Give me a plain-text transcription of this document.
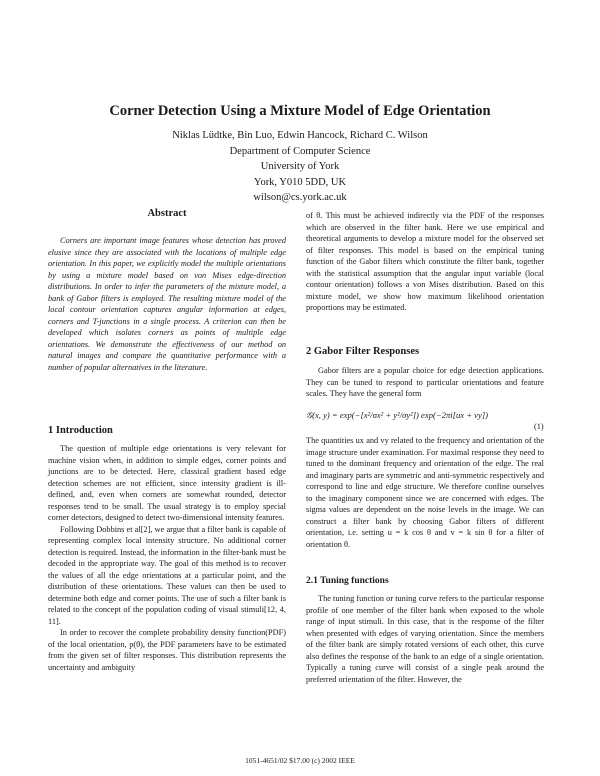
Corner Detection Using a Mixture Model of Edge Orientation
Niklas Lüdtke, Bin Luo, Edwin Hancock, Richard C. Wilson
Department of Computer Science
University of York
York, Y010 5DD, UK
wilson@cs.york.ac.uk
Abstract

Corners are important image features whose detection has proved elusive since they are associated with the locations of multiple edge orientation. In this paper, we explicitly model the multiple orientations by using a mixture model based on von Mises edge-direction distributions. In order to infer the parameters of the mixture model, a bank of Gabor filters is employed. The resulting mixture model of the local contour orientation captures angular information at edges, corners and T-junctions in a single process. A criterion can then be developed which isolates corners as points of multiple edge orientations. We demonstrate the effectiveness of our method on natural images and compare the quantitative performance with a number of popular alternatives in the literature.

1 Introduction

The question of multiple edge orientations is very relevant for machine vision when, in addition to simple edges, corner points and junctions are to be detected. Here, classical gradient based edge detection schemes are not efficient, since intensity gradient is ill-defined, and, even when corners are somewhat rounded, detector responses tend to be small. The usual strategy is to employ special corner detectors, designed to detect two-dimensional intensity features.

Following Dobbins et al[2], we argue that a filter bank is capable of representing complex local intensity structure. No additional corner detection is required. Instead, the information in the filter-bank must be decoded in the appropriate way. The goal of this method is to recover the values of all the edge orientations at a particular point, and the distribution of these orientations. These values can then be used to determine both edge and corner points. The use of such a filter bank is related to the concept of the population coding of visual stimuli[12, 4, 11].

In order to recover the complete probability density function(PDF) of the local orientation, p(θ), the PDF parameters have to be estimated from the given set of filter responses. This distribution represents the uncertainty and ambiguity

of θ. This must be achieved indirectly via the PDF of the responses which are observed in the filter bank. Here we use empirical and theoretical arguments to develop a mixture model for the observed set of filter responses. This model is based on the empirical tuning function of the Gabor filters which constitute the filter bank, together with the statistical assumption that the angular input variable (local contour orientation) follows a von Mises distribution. Based on this mixture model, we show how maximum likelihood orientation proportions may be estimated.

2 Gabor Filter Responses

Gabor filters are a popular choice for edge detection applications. They can be tuned to respond to particular orientations and feature scales. They have the general form

𝒢(x, y) = exp(−[x²/σx² + y²/σy²]) exp(−2πi[ux + vy])
(1)

The quantities ux and vy related to the frequency and orientation of the image structure under examination. For maximal response they need to tuned to the dominant frequency and orientation of the edge. The real and imaginary parts are symmetric and anti-symmetric respectively and correspond to line and edge structure. We therefore confine ourselves to the imaginary component since we are concerned with edges. The sigma values are dependent on the noise levels in the image. We can construct a filter bank by choosing Gabor filters of different orientation, i.e. setting u = k cos θ and v = k sin θ for a filter of orientation θ.

2.1 Tuning functions

The tuning function or tuning curve refers to the particular response profile of one member of the filter bank when exposed to the whole range of input stimuli. In this case, that is the response of the filter when presented with edges of varying orientation. Since the members of the filter bank are simply rotated versions of each other, this curve also defines the response of the bank to an edge of a single orientation. Typically a tuning curve will consist of a single peak around the preferred orientation of the filter. However, the

1051-4651/02 $17.00 (c) 2002 IEEE
